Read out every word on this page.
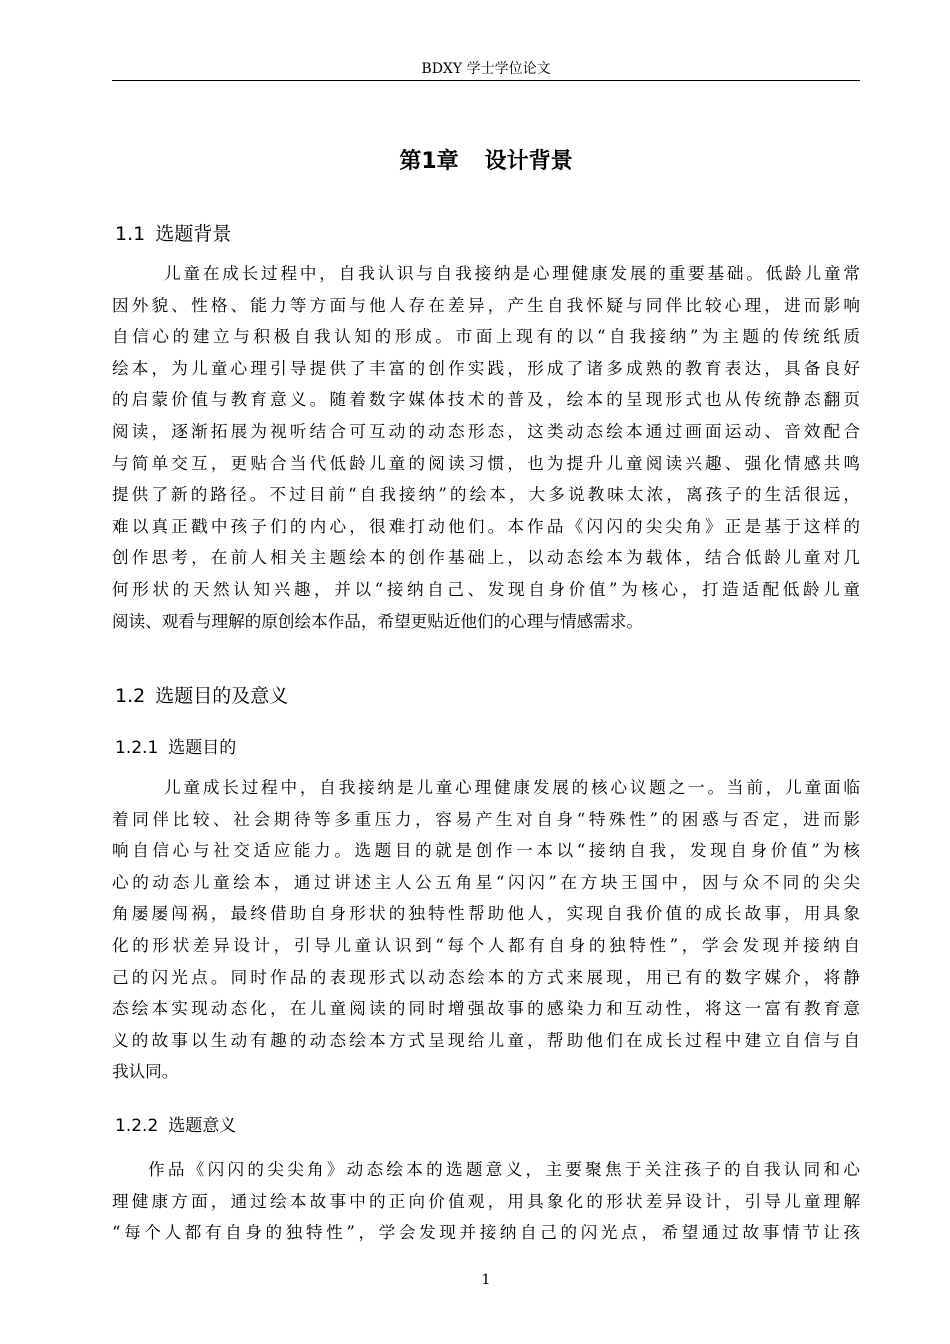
BDXY 学士学位论文
第1章 设计背景
1.1 选题背景
儿童在成长过程中，自我认识与自我接纳是心理健康发展的重要基础。低龄儿童常
因外貌、性格、能力等方面与他人存在差异，产生自我怀疑与同伴比较心理，进而影响
自信心的建立与积极自我认知的形成。市面上现有的以“自我接纳”为主题的传统纸质
绘本，为儿童心理引导提供了丰富的创作实践，形成了诸多成熟的教育表达，具备良好
的启蒙价值与教育意义。随着数字媒体技术的普及，绘本的呈现形式也从传统静态翻页
阅读，逐渐拓展为视听结合可互动的动态形态，这类动态绘本通过画面运动、音效配合
与简单交互，更贴合当代低龄儿童的阅读习惯，也为提升儿童阅读兴趣、强化情感共鸣
提供了新的路径。不过目前“自我接纳”的绘本，大多说教味太浓，离孩子的生活很远，
难以真正戳中孩子们的内心，很难打动他们。本作品《闪闪的尖尖角》正是基于这样的
创作思考，在前人相关主题绘本的创作基础上，以动态绘本为载体，结合低龄儿童对几
何形状的天然认知兴趣，并以“接纳自己、发现自身价值”为核心，打造适配低龄儿童
阅读、观看与理解的原创绘本作品，希望更贴近他们的心理与情感需求。
1.2 选题目的及意义
1.2.1 选题目的
儿童成长过程中，自我接纳是儿童心理健康发展的核心议题之一。当前，儿童面临
着同伴比较、社会期待等多重压力，容易产生对自身“特殊性”的困惑与否定，进而影
响自信心与社交适应能力。选题目的就是创作一本以“接纳自我，发现自身价值”为核
心的动态儿童绘本，通过讲述主人公五角星“闪闪”在方块王国中，因与众不同的尖尖
角屡屡闯祸，最终借助自身形状的独特性帮助他人，实现自我价值的成长故事，用具象
化的形状差异设计，引导儿童认识到“每个人都有自身的独特性”，学会发现并接纳自
己的闪光点。同时作品的表现形式以动态绘本的方式来展现，用已有的数字媒介，将静
态绘本实现动态化，在儿童阅读的同时增强故事的感染力和互动性，将这一富有教育意
义的故事以生动有趣的动态绘本方式呈现给儿童，帮助他们在成长过程中建立自信与自
我认同。
1.2.2 选题意义
作品《闪闪的尖尖角》动态绘本的选题意义，主要聚焦于关注孩子的自我认同和心
理健康方面，通过绘本故事中的正向价值观，用具象化的形状差异设计，引导儿童理解
“每个人都有自身的独特性”，学会发现并接纳自己的闪光点，希望通过故事情节让孩
1
